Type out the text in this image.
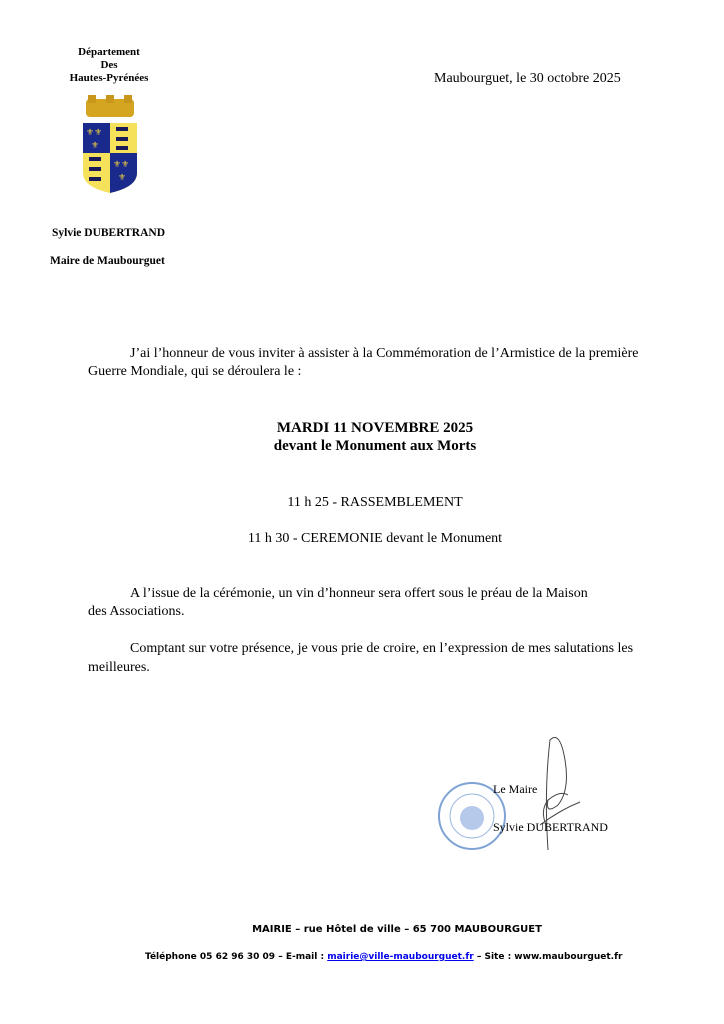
Département
Des
Hautes-Pyrénées
⚜⚜
⚜
⚜⚜
⚜
Maubourguet, le 30 octobre 2025
Sylvie DUBERTRAND
Maire de Maubourguet
J’ai l’honneur de vous inviter à assister à la Commémoration de l’Armistice de la première
Guerre Mondiale, qui se déroulera le :
MARDI 11 NOVEMBRE 2025
devant le Monument aux Morts
11 h 25 - RASSEMBLEMENT
11 h 30 - CEREMONIE devant le Monument
A l’issue de la cérémonie, un vin d’honneur sera offert sous le préau de la Maison
des Associations.
Comptant sur votre présence, je vous prie de croire, en l’expression de mes salutations les
meilleures.
Le Maire
Sylvie DUBERTRAND
MAIRIE – rue Hôtel de ville – 65 700 MAUBOURGUET
Téléphone 05 62 96 30 09 – E-mail : mairie@ville-maubourguet.fr – Site : www.maubourguet.fr
